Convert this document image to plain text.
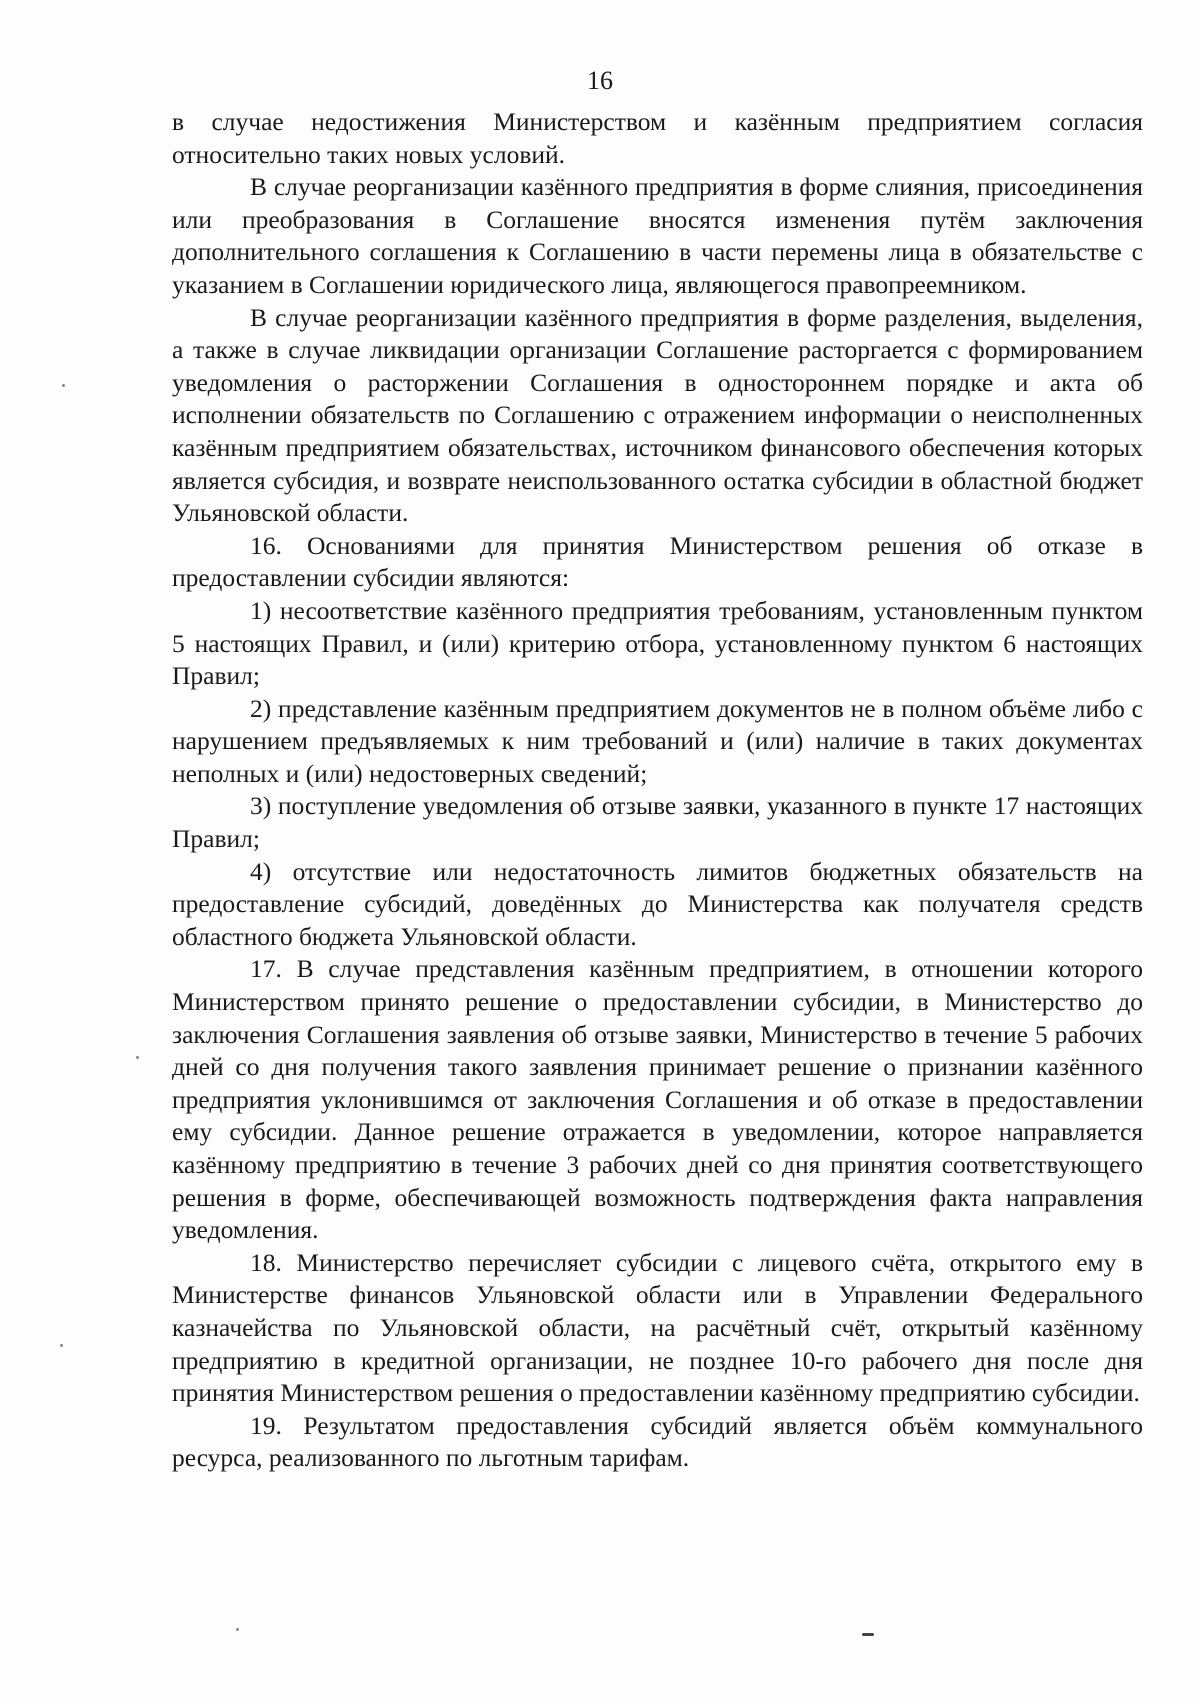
16

в случае недостижения Министерством и казённым предприятием согласия относительно таких новых условий.

В случае реорганизации казённого предприятия в форме слияния, присоединения или преобразования в Соглашение вносятся изменения путём заключения дополнительного соглашения к Соглашению в части перемены лица в обязательстве с указанием в Соглашении юридического лица, являющегося правопреемником.

В случае реорганизации казённого предприятия в форме разделения, выделения, а также в случае ликвидации организации Соглашение расторгается с формированием уведомления о расторжении Соглашения в одностороннем порядке и акта об исполнении обязательств по Соглашению с отражением информации о неисполненных казённым предприятием обязательствах, источником финансового обеспечения которых является субсидия, и возврате неиспользованного остатка субсидии в областной бюджет Ульяновской области.

16. Основаниями для принятия Министерством решения об отказе в предоставлении субсидии являются:

1) несоответствие казённого предприятия требованиям, установленным пунктом 5 настоящих Правил, и (или) критерию отбора, установленному пунктом 6 настоящих Правил;

2) представление казённым предприятием документов не в полном объёме либо с нарушением предъявляемых к ним требований и (или) наличие в таких документах неполных и (или) недостоверных сведений;

3) поступление уведомления об отзыве заявки, указанного в пункте 17 настоящих Правил;

4) отсутствие или недостаточность лимитов бюджетных обязательств на предоставление субсидий, доведённых до Министерства как получателя средств областного бюджета Ульяновской области.

17. В случае представления казённым предприятием, в отношении которого Министерством принято решение о предоставлении субсидии, в Министерство до заключения Соглашения заявления об отзыве заявки, Министерство в течение 5 рабочих дней со дня получения такого заявления принимает решение о признании казённого предприятия уклонившимся от заключения Соглашения и об отказе в предоставлении ему субсидии. Данное решение отражается в уведомлении, которое направляется казённому предприятию в течение 3 рабочих дней со дня принятия соответствующего решения в форме, обеспечивающей возможность подтверждения факта направления уведомления.

18. Министерство перечисляет субсидии с лицевого счёта, открытого ему в Министерстве финансов Ульяновской области или в Управлении Федерального казначейства по Ульяновской области, на расчётный счёт, открытый казённому предприятию в кредитной организации, не позднее 10-го рабочего дня после дня принятия Министерством решения о предоставлении казённому предприятию субсидии.

19. Результатом предоставления субсидий является объём коммунального ресурса, реализованного по льготным тарифам.
